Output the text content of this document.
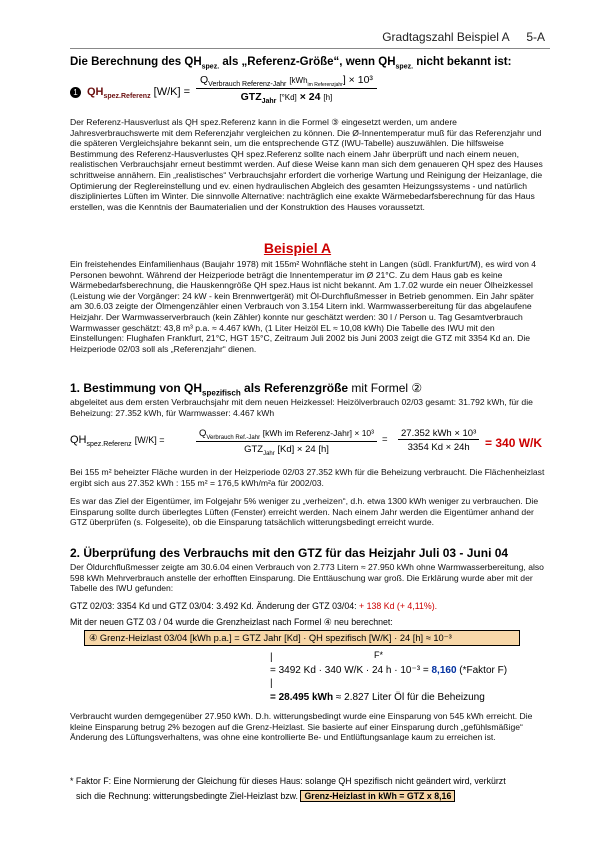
Gradtagszahl Beispiel A 5-A
Die Berechnung des $QH_{spez.}$ als „Referenz-Größe“, wenn $QH_{spez.}$ nicht bekannt ist:
1 $QH_{spez.Referenz}$ [W/K] =
$Q_{Verbrauch Referenz-Jahr}$ [kWh$_{im Referenzjahr}$] × 10³
$GTZ_{Jahr}$ [°Kd] × 24 [h]
Der Referenz-Hausverlust als QH spez.Referenz kann in die Formel ③ eingesetzt werden, um andere Jahresverbrauchswerte mit dem Referenzjahr vergleichen zu können. Die Ø-Innentemperatur muß für das Referenzjahr und die späteren Vergleichsjahre bekannt sein, um die entsprechende GTZ (IWU-Tabelle) auszuwählen. Die hilfsweise Bestimmung des Referenz-Hausverlustes QH spez.Referenz sollte nach einem Jahr überprüft und nach einem neuen, realistischen Verbrauchsjahr erneut bestimmt werden. Auf diese Weise kann man sich dem genaueren QH spez des Hauses schrittweise annähern. Ein „realistisches“ Verbrauchsjahr erfordert die vorherige Wartung und Reinigung der Heizanlage, die Optimierung der Reglereinstellung und ev. einen hydraulischen Abgleich des gesamten Heizungssystems - und natürlich diszipliniertes Lüften im Winter. Die sinnvolle Alternative: nachträglich eine exakte Wärmebedarfsberechnung für das Haus erstellen, was die Kenntnis der Baumaterialien und der Konstruktion des Hauses voraussetzt.
Beispiel A
Ein freistehendes Einfamilienhaus (Baujahr 1978) mit 155m² Wohnfläche steht in Langen (südl. Frankfurt/M), es wird von 4 Personen bewohnt. Während der Heizperiode beträgt die Innentemperatur im Ø 21°C. Zu dem Haus gab es keine Wärmebedarfsberechnung, die Hauskenngröße QH spez.Haus ist nicht bekannt. Am 1.7.02 wurde ein neuer Ölheizkessel (Leistung wie der Vorgänger: 24 kW - kein Brennwertgerät) mit Öl-Durchflußmesser in Betrieb genommen. Ein Jahr später am 30.6.03 zeigte der Ölmengenzähler einen Verbrauch von 3.154 Litern inkl. Warmwasserbereitung für das abgelaufene Heizjahr. Der Warmwasserverbrauch (kein Zähler) konnte nur geschätzt werden: 30 l / Person u. Tag Gesamtverbrauch Warmwasser geschätzt: 43,8 m³ p.a. ≈ 4.467 kWh, (1 Liter Heizöl EL ≈ 10,08 kWh) Die Tabelle des IWU mit den Einstellungen: Flughafen Frankfurt, 21°C, HGT 15°C, Zeitraum Juli 2002 bis Juni 2003 zeigt die GTZ mit 3354 Kd an. Die Heizperiode 02/03 soll als „Referenzjahr“ dienen.
1. Bestimmung von $QH_{spezifisch}$ als Referenzgröße mit Formel ②
abgeleitet aus dem ersten Verbrauchsjahr mit dem neuen Heizkessel: Heizölverbrauch 02/03 gesamt: 31.792 kWh, für die Beheizung: 27.352 kWh, für Warmwasser: 4.467 kWh
$QH_{spez.Referenz}$ [W/K] =
$Q_{Verbrauch Ref.-Jahr}$ [kWh im Referenz-Jahr] × 10³
$GTZ_{Jahr}$ [Kd] × 24 [h]
=
27.352 kWh × 10³
3354 Kd × 24h	= 340 W/K
Bei 155 m² beheizter Fläche wurden in der Heizperiode 02/03 27.352 kWh für die Beheizung verbraucht. Die Flächenheizlast ergibt sich aus 27.352 kWh : 155 m² = 176,5 kWh/m²a für 2002/03.
Es war das Ziel der Eigentümer, im Folgejahr 5% weniger zu „verheizen“, d.h. etwa 1300 kWh weniger zu verbrauchen. Die Einsparung sollte durch überlegtes Lüften (Fenster) erreicht werden. Nach einem Jahr werden die Eigentümer anhand der GTZ überprüfen (s. Folgeseite), ob die Einsparung tatsächlich witterungsbedingt erreicht wurde.
2. Überprüfung des Verbrauchs mit den GTZ für das Heizjahr Juli 03 - Juni 04
Der Öldurchflußmesser zeigte am 30.6.04 einen Verbrauch von 2.773 Litern ≈ 27.950 kWh ohne Warmwasserbereitung, also 598 kWh Mehrverbrauch anstelle der erhofften Einsparung. Die Enttäuschung war groß. Die Erklärung wurde aber mit der Tabelle des IWU gefunden:
GTZ 02/03: 3354 Kd und GTZ 03/04: 3.492 Kd. Änderung der GTZ 03/04: + 138 Kd (+ 4,11%).
Mit der neuen GTZ 03 / 04 wurde die Grenzheizlast nach Formel ④ neu berechnet:
④ Grenz-Heizlast 03/04 [kWh p.a.] = GTZ Jahr [Kd] · QH spezifisch [W/K] · 24 [h] ≈ 10⁻³
F*
|
= 3492 Kd · 340 W/K · 24 h · 10⁻³ = 8,160 (*Faktor F)
|
= 28.495 kWh ≈ 2.827 Liter Öl für die Beheizung
Verbraucht wurden demgegenüber 27.950 kWh. D.h. witterungsbedingt wurde eine Einsparung von 545 kWh erreicht. Die kleine Einsparung betrug 2% bezogen auf die Grenz-Heizlast. Sie basierte auf einer Einsparung durch „gefühlsmäßige“ Änderung des Lüftungsverhaltens, was ohne eine kontrollierte Be- und Entlüftungsanlage kaum zu erreichen ist.
* Faktor F: Eine Normierung der Gleichung für dieses Haus: solange QH spezifisch nicht geändert wird, verkürzt
sich die Rechnung: witterungsbedingte Ziel-Heizlast bzw. Grenz-Heizlast in kWh = GTZ x 8,16
